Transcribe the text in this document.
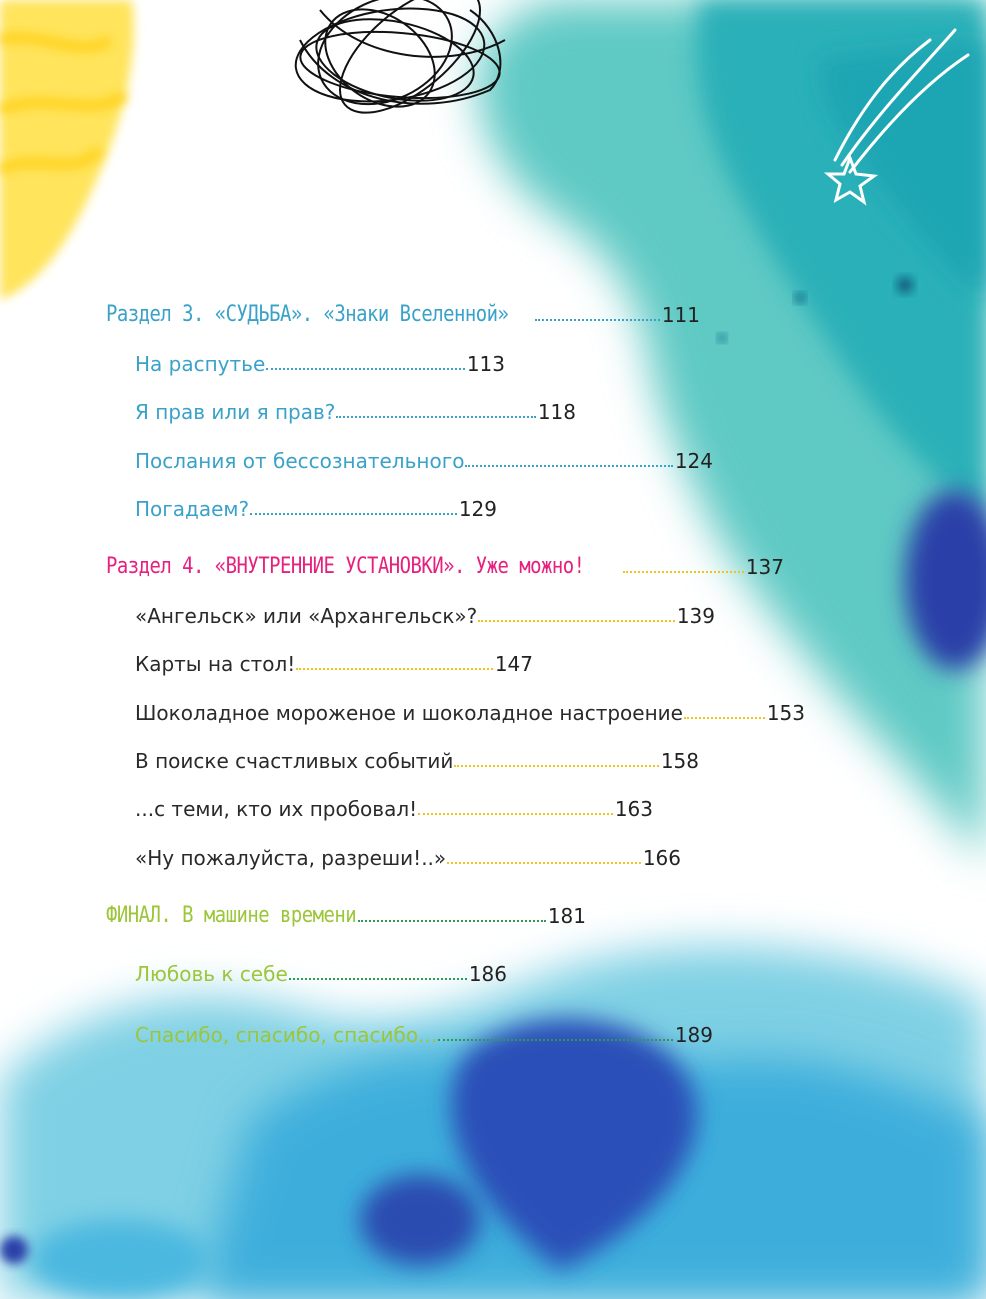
Раздел 3. «СУДЬБА». «Знаки Вселенной»	111
На распутье	113
Я прав или я прав?	118
Послания от бессознательного	124
Погадаем?	129
Раздел 4. «ВНУТРЕННИЕ УСТАНОВКИ». Уже можно!	137
«Ангельск» или «Архангельск»?	139
Карты на стол!	147
Шоколадное мороженое и шоколадное настроение	153
В поиске счастливых событий	158
...с теми, кто их пробовал!	163
«Ну пожалуйста, разреши!..»	166
ФИНАЛ. В машине времени	181
Любовь к себе	186
Спасибо, спасибо, спасибо...	189
